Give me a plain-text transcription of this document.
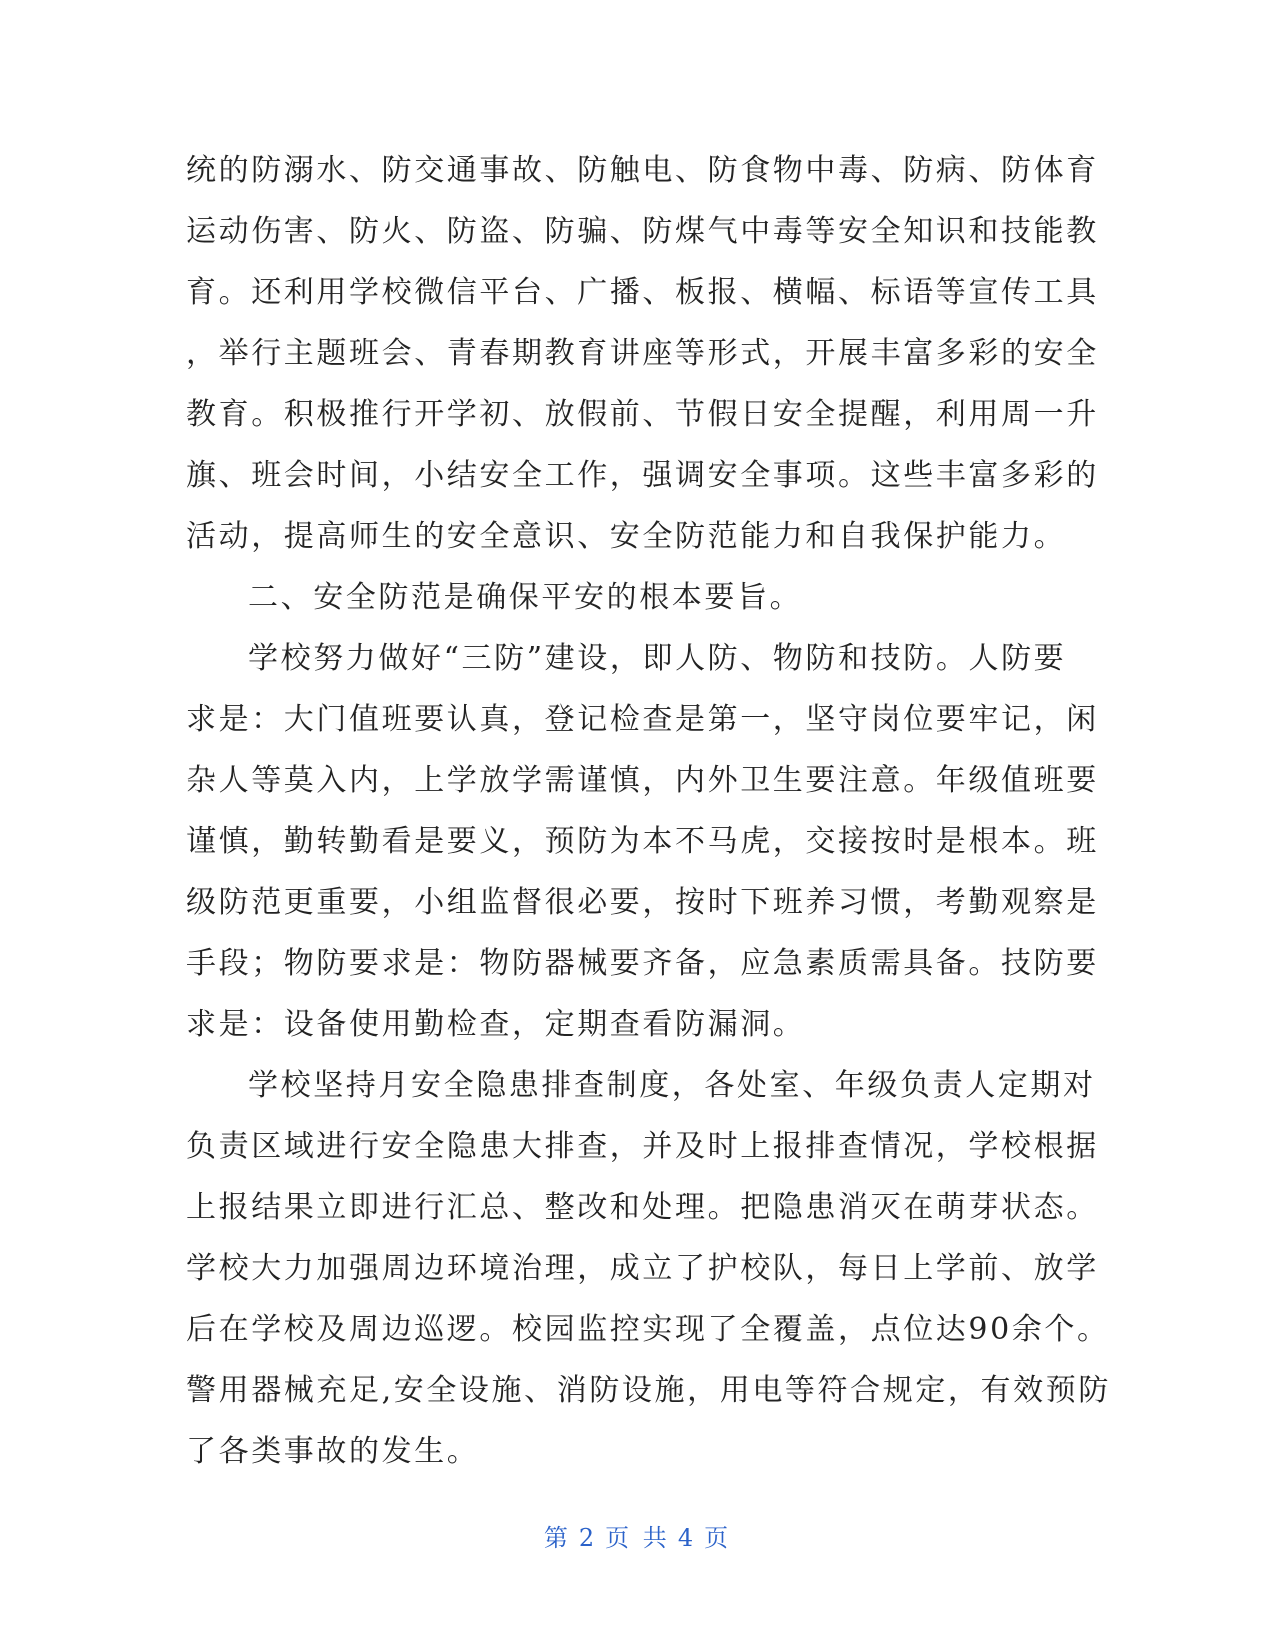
统的防溺水、防交通事故、防触电、防食物中毒、防病、防体育
运动伤害、防火、防盗、防骗、防煤气中毒等安全知识和技能教
育。还利用学校微信平台、广播、板报、横幅、标语等宣传工具
，举行主题班会、青春期教育讲座等形式，开展丰富多彩的安全
教育。积极推行开学初、放假前、节假日安全提醒，利用周一升
旗、班会时间，小结安全工作，强调安全事项。这些丰富多彩的
活动，提高师生的安全意识、安全防范能力和自我保护能力。
二、安全防范是确保平安的根本要旨。
学校努力做好“三防”建设，即人防、物防和技防。人防要
求是：大门值班要认真，登记检查是第一，坚守岗位要牢记，闲
杂人等莫入内，上学放学需谨慎，内外卫生要注意。年级值班要
谨慎，勤转勤看是要义，预防为本不马虎，交接按时是根本。班
级防范更重要，小组监督很必要，按时下班养习惯，考勤观察是
手段；物防要求是：物防器械要齐备，应急素质需具备。技防要
求是：设备使用勤检查，定期查看防漏洞。
学校坚持月安全隐患排查制度，各处室、年级负责人定期对
负责区域进行安全隐患大排查，并及时上报排查情况，学校根据
上报结果立即进行汇总、整改和处理。把隐患消灭在萌芽状态。
学校大力加强周边环境治理，成立了护校队，每日上学前、放学
后在学校及周边巡逻。校园监控实现了全覆盖，点位达90余个。
警用器械充足,安全设施、消防设施，用电等符合规定，有效预防
了各类事故的发生。
第 2 页 共 4 页
